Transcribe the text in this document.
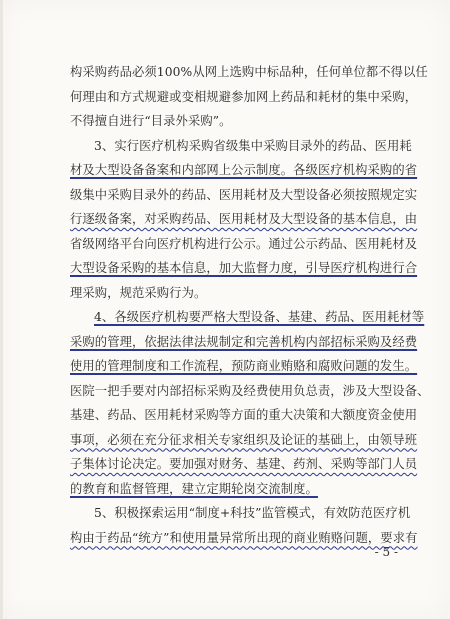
构采购药品必须100%从网上选购中标品种，任何单位都不得以任
何理由和方式规避或变相规避参加网上药品和耗材的集中采购，
不得擅自进行“目录外采购”。
3、实行医疗机构采购省级集中采购目录外的药品、医用耗
材及大型设备备案和内部网上公示制度。各级医疗机构采购的省
级集中采购目录外的药品、医用耗材及大型设备必须按照规定实
行逐级备案，对采购药品、医用耗材及大型设备的基本信息，由
省级网络平台向医疗机构进行公示。通过公示药品、医用耗材及
大型设备采购的基本信息，加大监督力度，引导医疗机构进行合
理采购，规范采购行为。
4、各级医疗机构要严格大型设备、基建、药品、医用耗材等
采购的管理，依据法律法规制定和完善机构内部招标采购及经费
使用的管理制度和工作流程，预防商业贿赂和腐败问题的发生。
医院一把手要对内部招标采购及经费使用负总责，涉及大型设备、
基建、药品、医用耗材采购等方面的重大决策和大额度资金使用
事项，必须在充分征求相关专家组织及论证的基础上，由领导班
子集体讨论决定。要加强对财务、基建、药剂、采购等部门人员
的教育和监督管理，建立定期轮岗交流制度。
5、积极探索运用“制度+科技”监管模式，有效防范医疗机
构由于药品“统方”和使用量异常所出现的商业贿赂问题，要求有
- 5 -
